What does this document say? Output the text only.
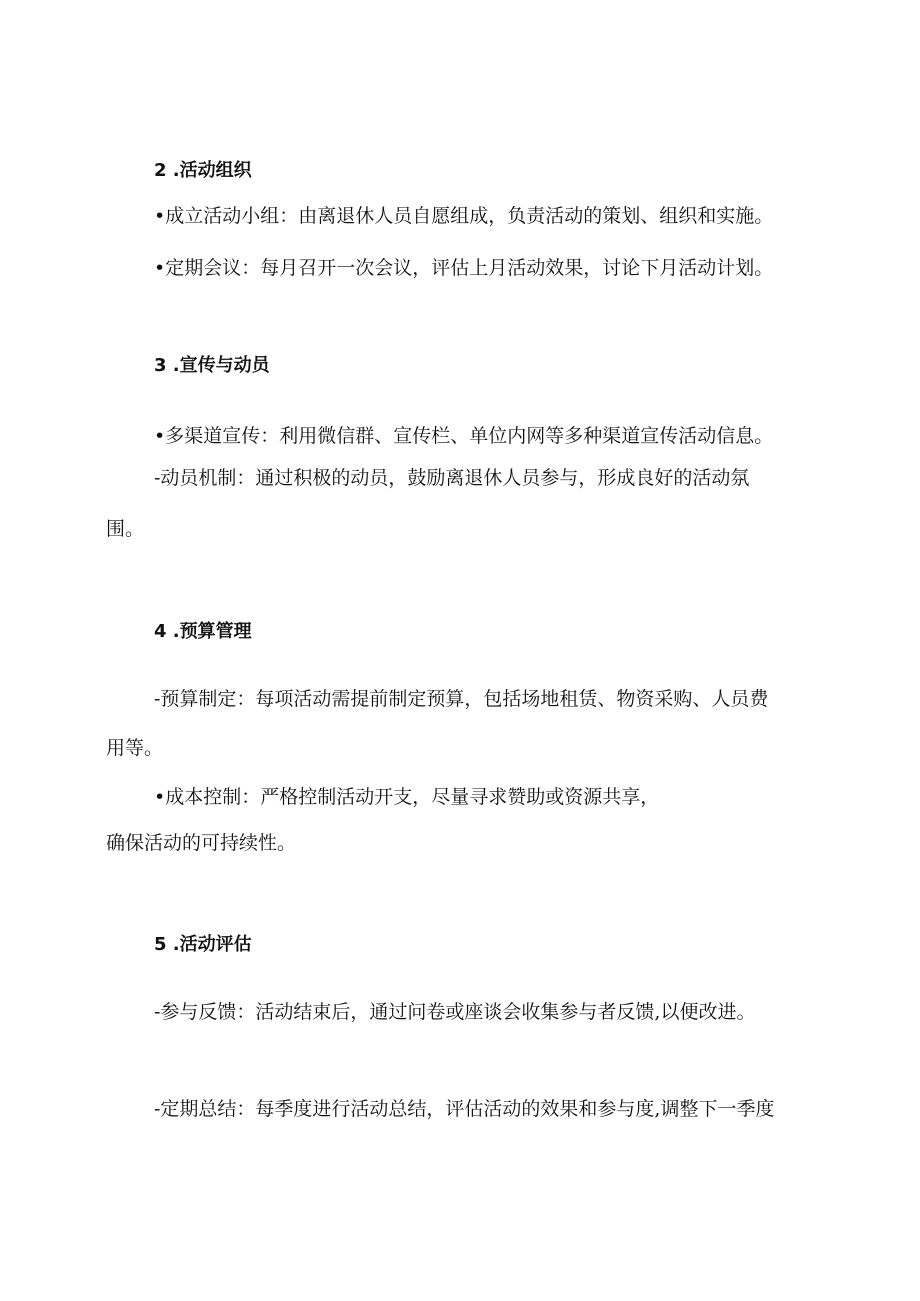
2 .活动组织
•成立活动小组：由离退休人员自愿组成，负责活动的策划、组织和实施。
•定期会议：每月召开一次会议，评估上月活动效果，讨论下月活动计划。
3 .宣传与动员
•多渠道宣传：利用微信群、宣传栏、单位内网等多种渠道宣传活动信息。
-动员机制：通过积极的动员，鼓励离退休人员参与，形成良好的活动氛
围。
4 .预算管理
-预算制定：每项活动需提前制定预算，包括场地租赁、物资采购、人员费
用等。
•成本控制：严格控制活动开支，尽量寻求赞助或资源共享，
确保活动的可持续性。
5 .活动评估
-参与反馈：活动结束后，通过问卷或座谈会收集参与者反馈,以便改进。
-定期总结：每季度进行活动总结，评估活动的效果和参与度,调整下一季度
